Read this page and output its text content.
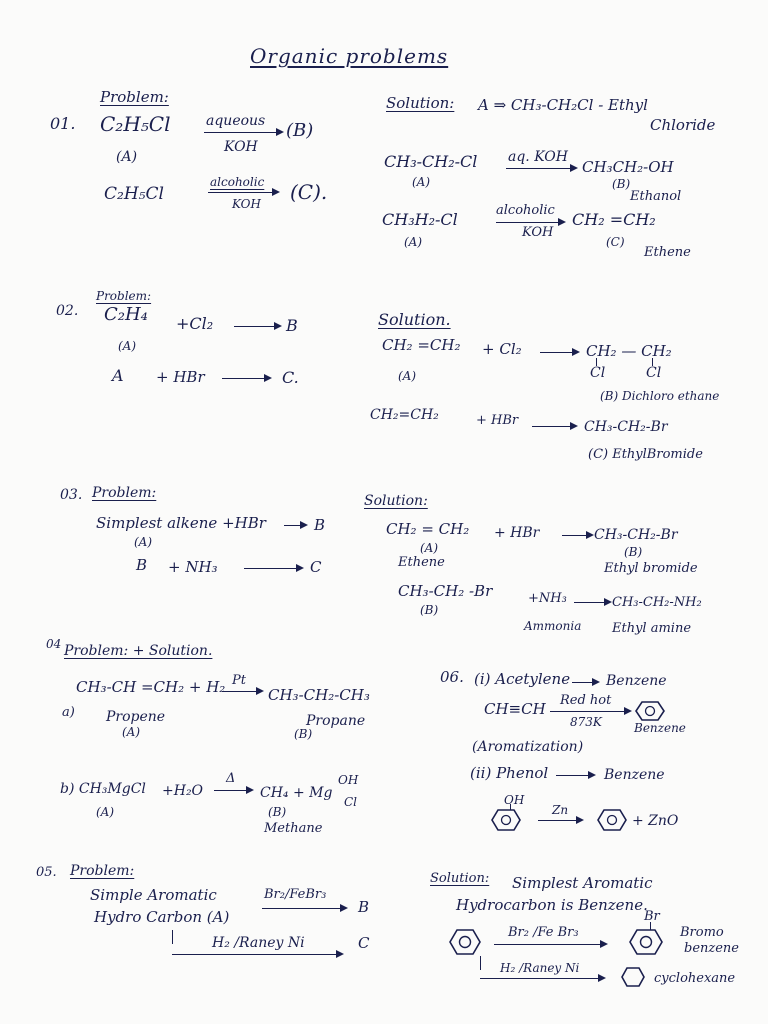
Organic problems
01.
Problem:
C₂H₅Cl
(A)
aqueous
KOH
(B)
C₂H₅Cl
alcoholic
KOH (C).
Solution: A ⇒ CH₃-CH₂Cl - Ethyl
Chloride
CH₃-CH₂-Cl
(A)
aq. KOH
CH₃CH₂-OH
(B)
Ethanol
CH₃H₂-Cl
(A)
alcoholic
KOH
CH₂ =CH₂
(C)
Ethene
02.
Problem:
C₂H₄ +Cl₂	B
(A)
A + HBr	C.
Solution.
CH₂ =CH₂ + Cl₂
(A)
CH₂ — CH₂
Cl	Cl
(B) Dichloro ethane
CH₂=CH₂	+ HBr	CH₃-CH₂-Br
(C) EthylBromide
03. Problem:
Simplest alkene +HBr	B
(A)
B + NH₃	C
Solution:
CH₂ = CH₂ + HBr	CH₃-CH₂-Br
(A)
Ethene
(B)
Ethyl bromide
CH₃-CH₂ -Br
(B)
+NH₃	CH₃-CH₂-NH₂
Ammonia Ethyl amine
04 Problem: + Solution.
CH₃-CH =CH₂ + H₂ Pt
CH₃-CH₂-CH₃
a) Propene
(A)
Propane
(B)
b) CH₃MgCl +H₂O
Δ
CH₄ + Mg
OH
Cl
(A)	(B)
Methane
05. Problem:
Simple Aromatic
Hydro Carbon (A)
Br₂/FeBr₃
B
H₂ /Raney Ni	C
Solution: Simplest Aromatic
Hydrocarbon is Benzene.
Br₂ /Fe Br₃
Br
Bromo
benzene
H₂ /Raney Ni
cyclohexane
06. (i) Acetylene	Benzene
CH≡CH Red hot
873K	Benzene
(Aromatization)
(ii) Phenol	Benzene
OH
Zn
+ ZnO
